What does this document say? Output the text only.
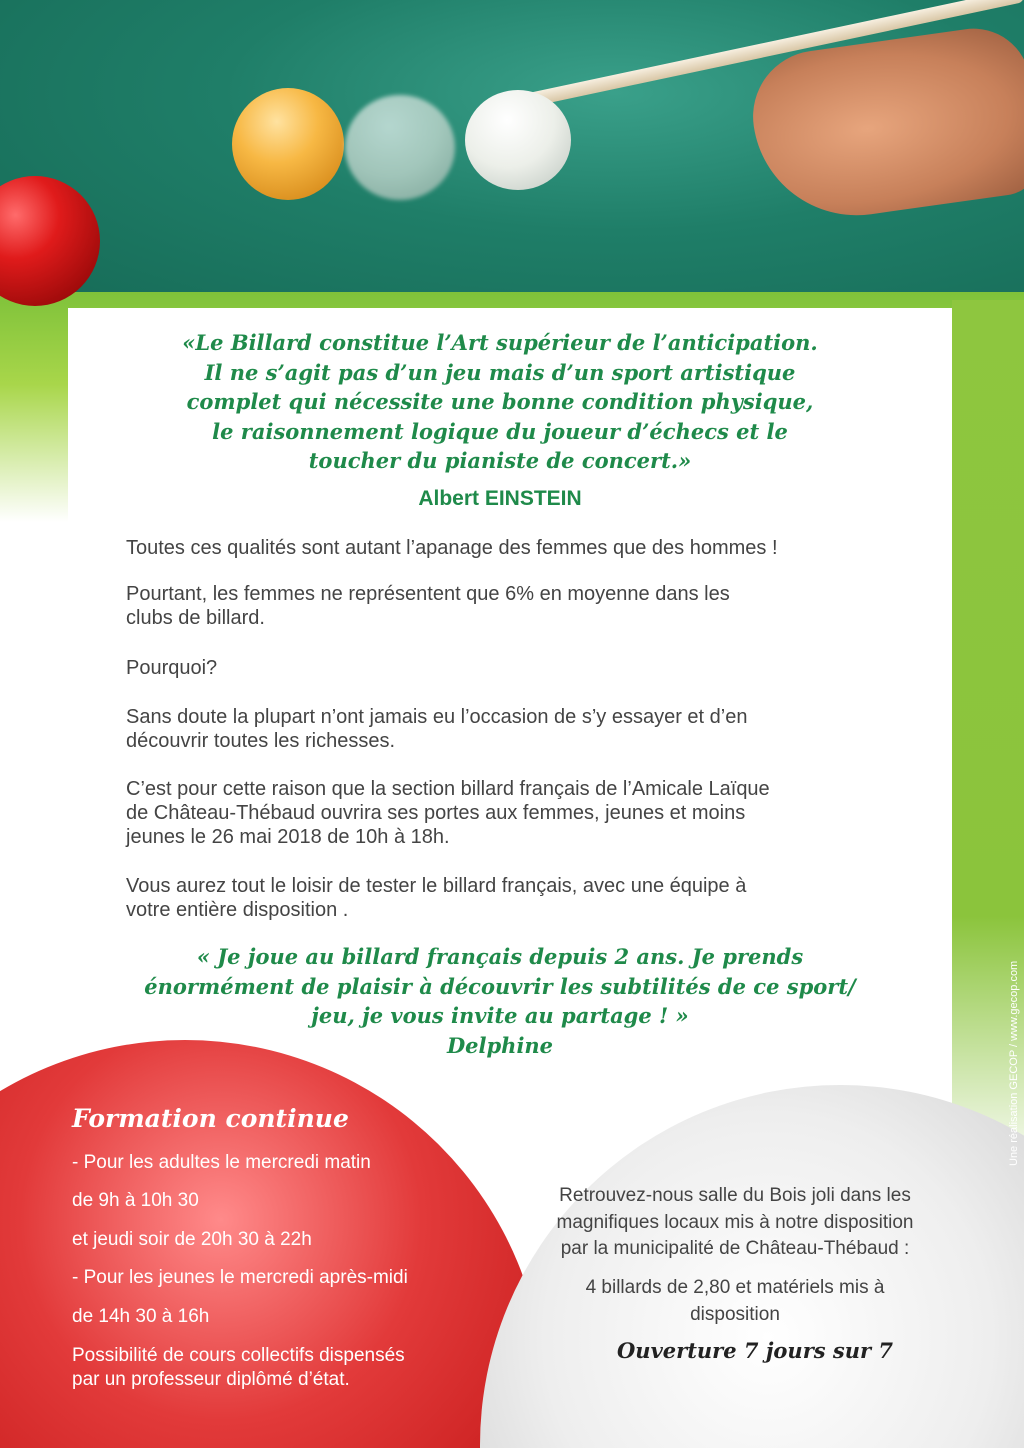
«Le Billard constitue l’Art supérieur de l’anticipation.
Il ne s’agit pas d’un jeu mais d’un sport artistique
complet qui nécessite une bonne condition physique,
le raisonnement logique du joueur d’échecs et le
toucher du pianiste de concert.»
Albert EINSTEIN

Toutes ces qualités sont autant l’apanage des femmes que des hommes !

Pourtant, les femmes ne représentent que 6% en moyenne dans les

clubs de billard.

Pourquoi?

Sans doute la plupart n’ont jamais eu l’occasion de s’y essayer et d’en

découvrir toutes les richesses.

C’est pour cette raison que la section billard français de l’Amicale Laïque

de Château-Thébaud ouvrira ses portes aux femmes, jeunes et moins

jeunes le 26 mai 2018 de 10h à 18h.

Vous aurez tout le loisir de tester le billard français, avec une équipe à

votre entière disposition .

« Je joue au billard français depuis 2 ans. Je prends
énormément de plaisir à découvrir les subtilités de ce sport/
jeu, je vous invite au partage ! »
Delphine
Formation continue
- Pour les adultes le mercredi matin
de 9h à 10h 30
et jeudi soir de 20h 30 à 22h
- Pour les jeunes le mercredi après-midi
de 14h 30 à 16h
Possibilité de cours collectifs dispensés
par un professeur diplômé d’état.
Retrouvez-nous salle du Bois joli dans les
magnifiques locaux mis à notre disposition
par la municipalité de Château-Thébaud :
4 billards de 2,80 et matériels mis à
disposition
Ouverture 7 jours sur 7
Une réalisation GECOP / www.gecop.com
